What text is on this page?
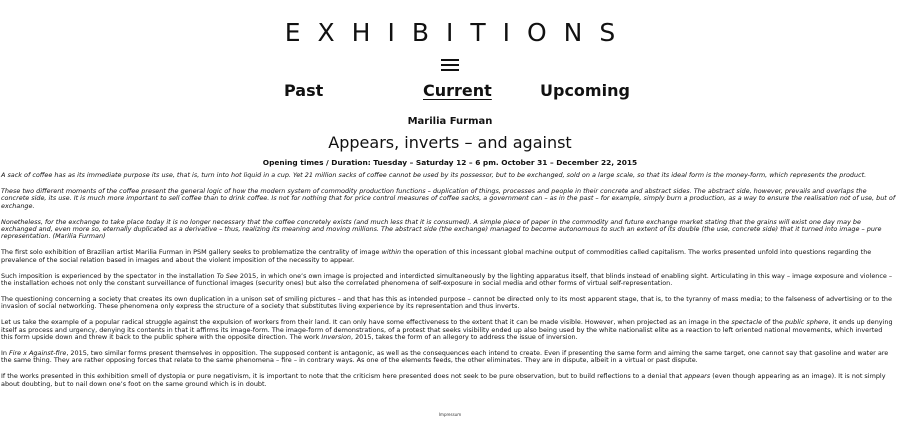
EXHIBITIONS
Past	Current	Upcoming
Marilia Furman
Appears, inverts – and against
Opening times / Duration: Tuesday – Saturday 12 – 6 pm. October 31 – December 22, 2015

A sack of coffee has as its immediate purpose its use, that is, turn into hot liquid in a cup. Yet 21 million sacks of coffee cannot be used by its possessor, but to be exchanged, sold on a large scale, so that its ideal form is the money-form, which represents the product.

These two different moments of the coffee present the general logic of how the modern system of commodity production functions – duplication of things, processes and people in their concrete and abstract sides. The abstract side, however, prevails and overlaps the concrete side, its use. It is much more important to sell coffee than to drink coffee. Is not for nothing that for price control measures of coffee sacks, a government can – as in the past – for example, simply burn a production, as a way to ensure the realisation not of use, but of exchange.

Nonetheless, for the exchange to take place today it is no longer necessary that the coffee concretely exists (and much less that it is consumed). A simple piece of paper in the commodity and future exchange market stating that the grains will exist one day may be exchanged and, even more so, eternally duplicated as a derivative – thus, realizing its meaning and moving millions. The abstract side (the exchange) managed to become autonomous to such an extent of its double (the use, concrete side) that it turned into image – pure representation. (Marilia Furman)

The first solo exhibition of Brazilian artist Marilia Furman in PSM gallery seeks to problematize the centrality of image within the operation of this incessant global machine output of commodities called capitalism. The works presented unfold into questions regarding the prevalence of the social relation based in images and about the violent imposition of the necessity to appear.

Such imposition is experienced by the spectator in the installation To See 2015, in which one’s own image is projected and interdicted simultaneously by the lighting apparatus itself, that blinds instead of enabling sight. Articulating in this way – image exposure and violence – the installation echoes not only the constant surveillance of functional images (security ones) but also the correlated phenomena of self-exposure in social media and other forms of virtual self-representation.

The questioning concerning a society that creates its own duplication in a unison set of smiling pictures – and that has this as intended purpose – cannot be directed only to its most apparent stage, that is, to the tyranny of mass media; to the falseness of advertising or to the invasion of social networking. These phenomena only express the structure of a society that substitutes living experience by its representation and thus inverts.

Let us take the example of a popular radical struggle against the expulsion of workers from their land. It can only have some effectiveness to the extent that it can be made visible. However, when projected as an image in the spectacle of the public sphere, it ends up denying itself as process and urgency, denying its contents in that it affirms its image-form. The image-form of demonstrations, of a protest that seeks visibility ended up also being used by the white nationalist elite as a reaction to left oriented national movements, which inverted this form upside down and threw it back to the public sphere with the opposite direction. The work Inversion, 2015, takes the form of an allegory to address the issue of inversion.

In Fire x Against-fire, 2015, two similar forms present themselves in opposition. The supposed content is antagonic, as well as the consequences each intend to create. Even if presenting the same form and aiming the same target, one cannot say that gasoline and water are the same thing. They are rather opposing forces that relate to the same phenomena – fire – in contrary ways. As one of the elements feeds, the other eliminates. They are in dispute, albeit in a virtual or past dispute.

If the works presented in this exhibition smell of dystopia or pure negativism, it is important to note that the criticism here presented does not seek to be pure observation, but to build reflections to a denial that appears (even though appearing as an image). It is not simply about doubting, but to nail down one’s foot on the same ground which is in doubt.

Impressum
